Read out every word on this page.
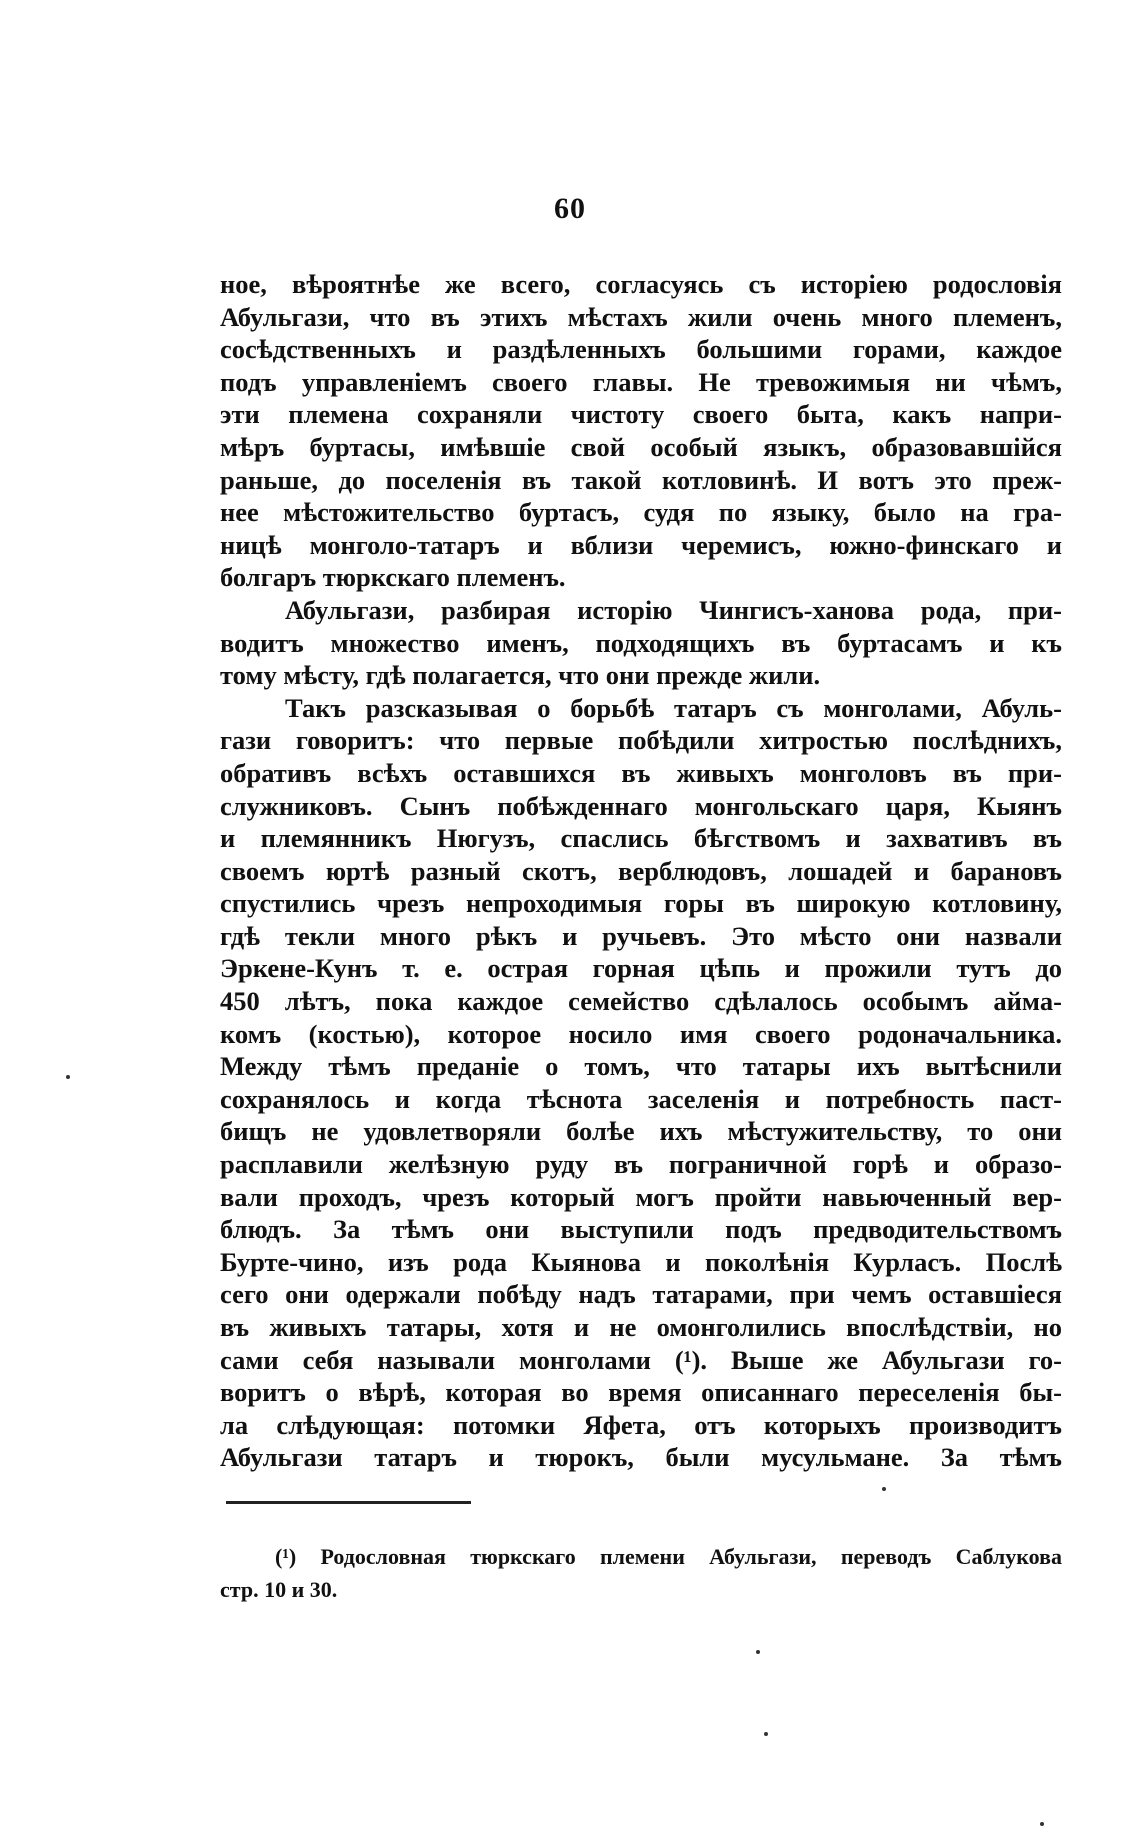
60
ное, вѣроятнѣе же всего, согласуясь съ исторіею родословія
Абульгази, что въ этихъ мѣстахъ жили очень много племенъ,
сосѣдственныхъ и раздѣленныхъ большими горами, каждое
подъ управленіемъ своего главы. Не тревожимыя ни чѣмъ,
эти племена сохраняли чистоту своего быта, какъ напри-
мѣръ буртасы, имѣвшіе свой особый языкъ, образовавшійся
раньше, до поселенія въ такой котловинѣ. И вотъ это преж-
нее мѣстожительство буртасъ, судя по языку, было на гра-
ницѣ монголо-татаръ и вблизи черемисъ, южно-финскаго и
болгаръ тюркскаго племенъ.
Абульгази, разбирая исторію Чингисъ-ханова рода, при-
водитъ множество именъ, подходящихъ въ буртасамъ и къ
тому мѣсту, гдѣ полагается, что они прежде жили.
Такъ разсказывая о борьбѣ татаръ съ монголами, Абуль-
гази говоритъ: что первые побѣдили хитростью послѣднихъ,
обративъ всѣхъ оставшихся въ живыхъ монголовъ въ при-
служниковъ. Сынъ побѣжденнаго монгольскаго царя, Кыянъ
и племянникъ Нюгузъ, спаслись бѣгствомъ и захвативъ въ
своемъ юртѣ разный скотъ, верблюдовъ, лошадей и барановъ
спустились чрезъ непроходимыя горы въ широкую котловину,
гдѣ текли много рѣкъ и ручьевъ. Это мѣсто они назвали
Эркене-Кунъ т. е. острая горная цѣпь и прожили тутъ до
450 лѣтъ, пока каждое семейство сдѣлалось особымъ аймa-
комъ (костью), которое носило имя своего родоначальника.
Между тѣмъ преданіе о томъ, что татары ихъ вытѣснили
сохранялось и когда тѣснота заселенія и потребность паст-
бищъ не удовлетворяли болѣе ихъ мѣстужительству, то они
расплавили желѣзную руду въ пограничной горѣ и образо-
вали проходъ, чрезъ который могъ пройти навьюченный вер-
блюдъ. За тѣмъ они выступили подъ предводительствомъ
Бурте-чино, изъ рода Кыянова и поколѣнія Курласъ. Послѣ
сего они одержали побѣду надъ татарами, при чемъ оставшіеся
въ живыхъ татары, хотя и не омонголились впослѣдствіи, но
сами себя называли монголами (¹). Выше же Абульгази го-
воритъ о вѣрѣ, которая во время описаннаго переселенія бы-
ла слѣдующая: потомки Яфета, отъ которыхъ производитъ
Абульгази татаръ и тюрокъ, были мусульмане. За тѣмъ
(¹) Родословная тюркскаго племени Абульгази, переводъ Саблукова
стр. 10 и 30.
